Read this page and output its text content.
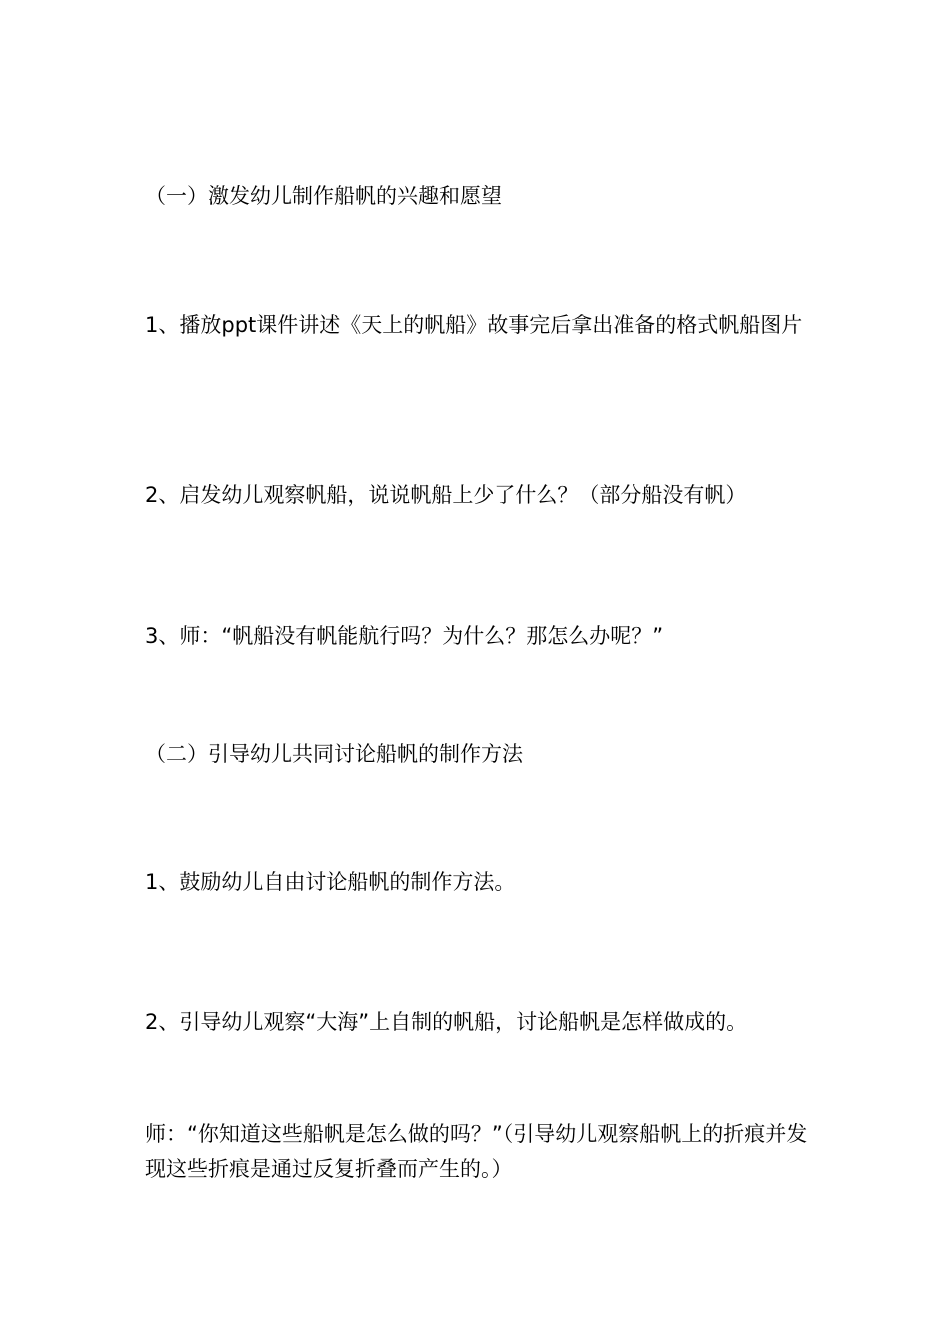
（一）激发幼儿制作船帆的兴趣和愿望

1、播放ppt课件讲述《天上的帆船》故事完后拿出准备的格式帆船图片

2、启发幼儿观察帆船，说说帆船上少了什么？（部分船没有帆）

3、师：“帆船没有帆能航行吗？为什么？那怎么办呢？”

（二）引导幼儿共同讨论船帆的制作方法

1、鼓励幼儿自由讨论船帆的制作方法。

2、引导幼儿观察“大海”上自制的帆船，讨论船帆是怎样做成的。

师：“你知道这些船帆是怎么做的吗？”（引导幼儿观察船帆上的折痕并发现这些折痕是通过反复折叠而产生的。）
